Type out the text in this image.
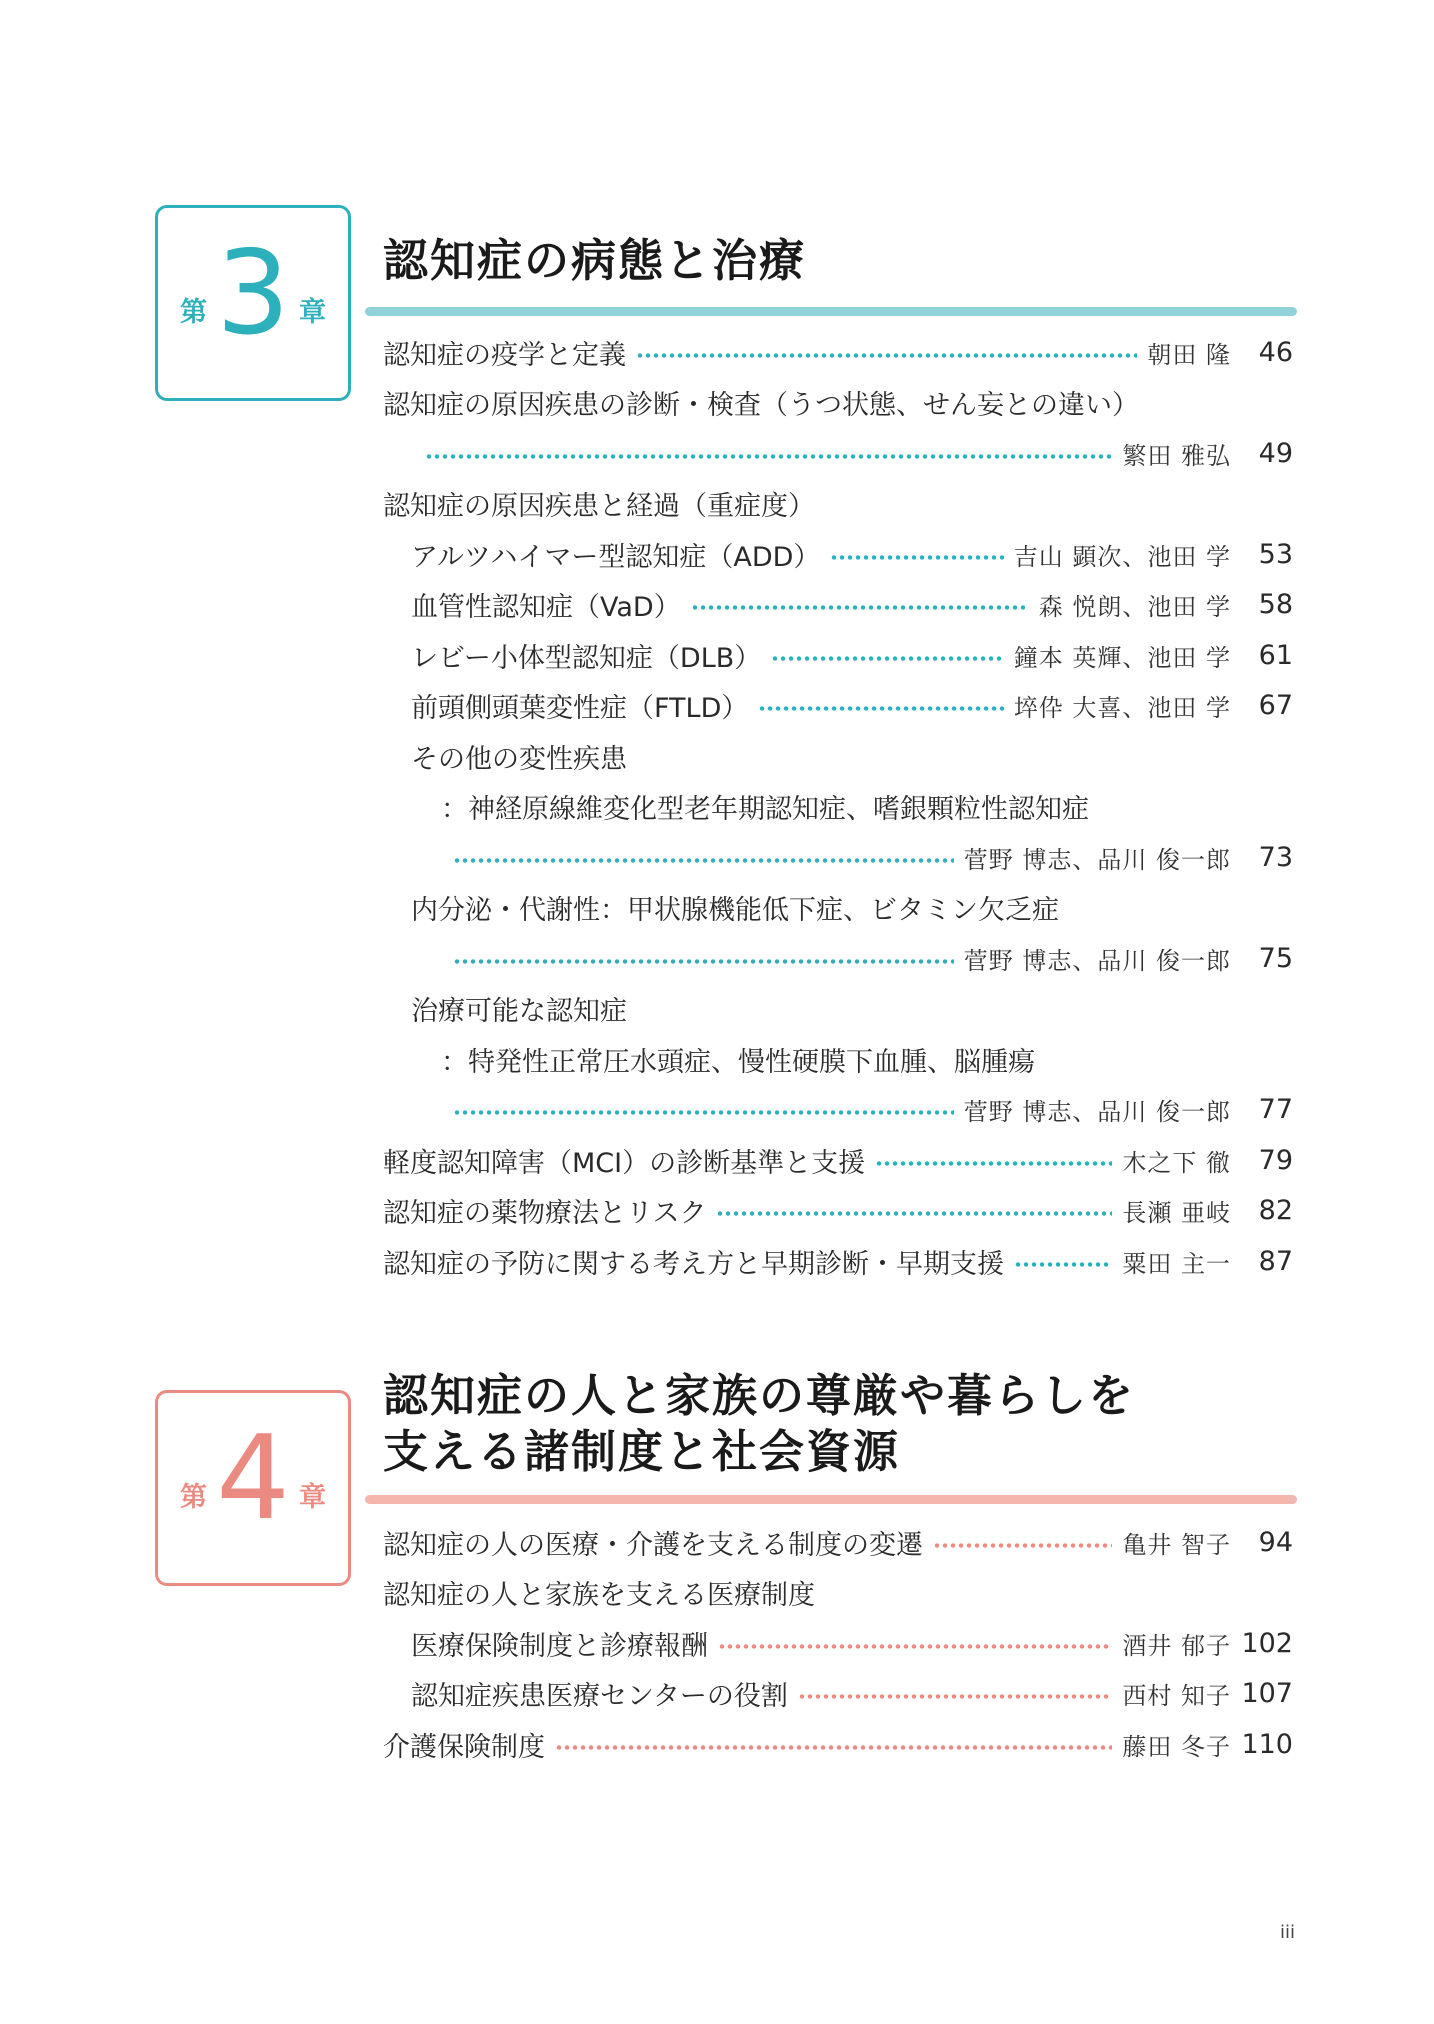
第 3 章
認知症の病態と治療
認知症の疫学と定義	朝田 隆	46
認知症の原因疾患の診断・検査（うつ状態、せん妄との違い）
繁田 雅弘	49
認知症の原因疾患と経過（重症度）
アルツハイマー型認知症（ADD）	吉山 顕次、池田 学	53
血管性認知症（VaD）	森 悦朗、池田 学	58
レビー小体型認知症（DLB）	鐘本 英輝、池田 学	61
前頭側頭葉変性症（FTLD）	埣伜 大喜、池田 学	67
その他の変性疾患
：神経原線維変化型老年期認知症、嗜銀顆粒性認知症
菅野 博志、品川 俊一郎	73
内分泌・代謝性：甲状腺機能低下症、ビタミン欠乏症
菅野 博志、品川 俊一郎	75
治療可能な認知症
：特発性正常圧水頭症、慢性硬膜下血腫、脳腫瘍
菅野 博志、品川 俊一郎	77
軽度認知障害（MCI）の診断基準と支援	木之下 徹	79
認知症の薬物療法とリスク	長瀬 亜岐	82
認知症の予防に関する考え方と早期診断・早期支援	粟田 主一	87
第 4 章
認知症の人と家族の尊厳や暮らしを
支える諸制度と社会資源
認知症の人の医療・介護を支える制度の変遷	亀井 智子	94
認知症の人と家族を支える医療制度
医療保険制度と診療報酬	酒井 郁子 102
認知症疾患医療センターの役割	西村 知子 107
介護保険制度	藤田 冬子 110
iii
